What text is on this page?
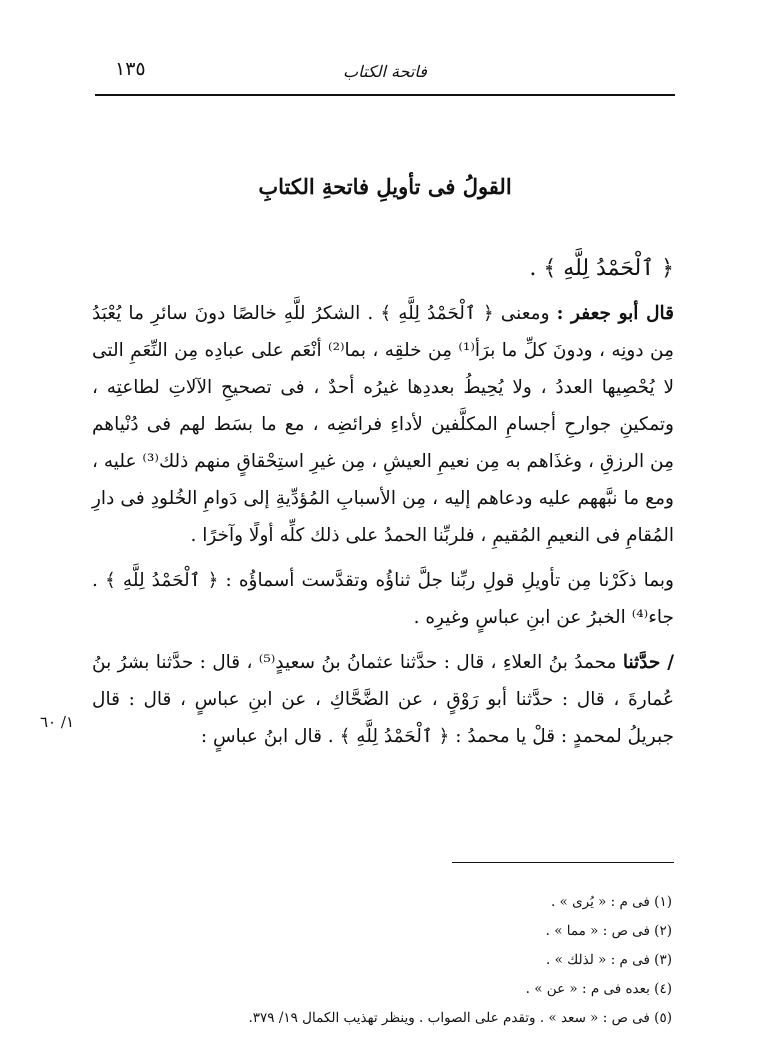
١٣٥	فاتحة الكتاب
القولُ فى تأويلِ فاتحةِ الكتابِ

﴿ ٱلْحَمْدُ لِلَّهِ ﴾ .

قال أبو جعفر : ومعنى ﴿ ٱلْحَمْدُ لِلَّهِ ﴾ . الشكرُ للَّهِ خالصًا دونَ سائرِ ما يُعْبَدُ مِن دونِه ، ودونَ كلِّ ما برَأ⁽¹⁾ مِن خلقِه ، بما⁽²⁾ أنْعَم على عبادِه مِن النِّعَمِ التى لا يُحْصِيها العددُ ، ولا يُحِيطُ بعددِها غيرُه أحدٌ ، فى تصحيحِ الآلاتِ لطاعتِه ، وتمكينِ جوارحِ أجسامِ المكلَّفين لأداءِ فرائضِه ، مع ما بسَط لهم فى دُنْياهم مِن الرزقِ ، وغذَاهم به مِن نعيمِ العيشِ ، مِن غيرِ استِحْقاقٍ منهم ذلك⁽³⁾ عليه ، ومع ما نبَّههم عليه ودعاهم إليه ، مِن الأسبابِ المُؤدِّيةِ إلى دَوامِ الخُلودِ فى دارِ المُقامِ فى النعيمِ المُقيمِ ، فلربِّنا الحمدُ على ذلك كلِّه أولًا وآخرًا .

وبما ذكَرْنا مِن تأويلِ قولِ ربِّنا جلَّ ثناؤُه وتقدَّست أسماؤُه : ﴿ ٱلْحَمْدُ لِلَّهِ ﴾ . جاء⁽⁴⁾ الخبرُ عن ابنِ عباسٍ وغيرِه .

/ حدَّثنا محمدُ بنُ العلاءِ ، قال : حدَّثنا عثمانُ بنُ سعيدٍ⁽⁵⁾ ، قال : حدَّثنا بشرُ بنُ عُمارةَ ، قال : حدَّثنا أبو رَوْقٍ ، عن الضَّحَّاكِ ، عن ابنِ عباسٍ ، قال : قال جبريلُ لمحمدٍ : قلْ يا محمدُ : ﴿ ٱلْحَمْدُ لِلَّهِ ﴾ . قال ابنُ عباسٍ :

١/ ٦٠
(١) فى م : « يُرى » .
(٢) فى ص : « مما » .
(٣) فى م : « لذلك » .
(٤) بعده فى م : « عن » .
(٥) فى ص : « سعد » . وتقدم على الصواب . وينظر تهذيب الكمال ١٩/ ٣٧٩.
